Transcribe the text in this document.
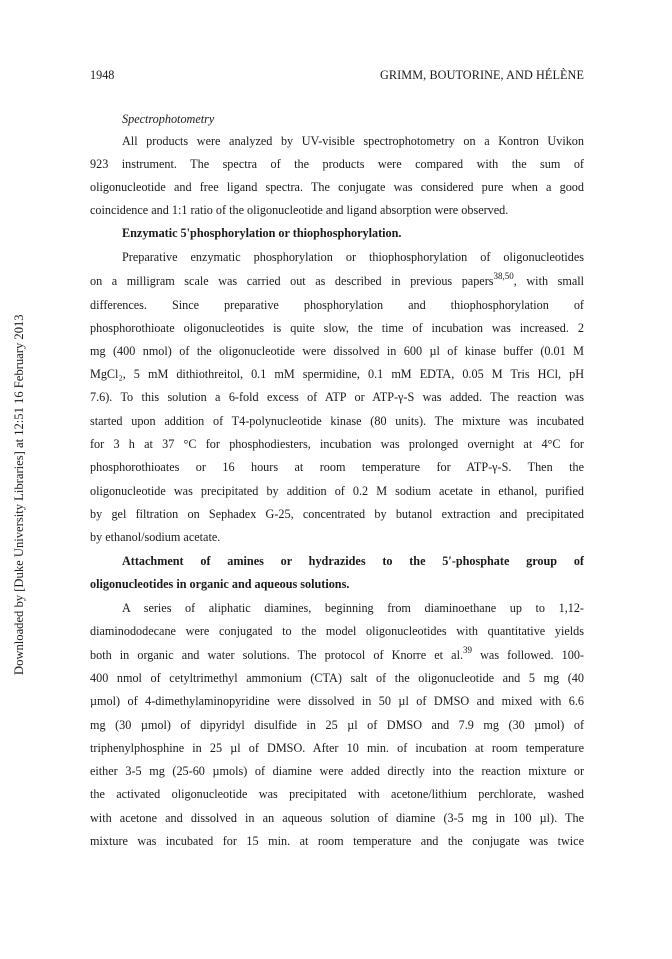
1948	GRIMM, BOUTORINE, AND HÉLÈNE
Downloaded by [Duke University Libraries] at 12:51 16 February 2013
Spectrophotometry
All products were analyzed by UV-visible spectrophotometry on a Kontron Uvikon
923 instrument. The spectra of the products were compared with the sum of
oligonucleotide and free ligand spectra. The conjugate was considered pure when a good
coincidence and 1:1 ratio of the oligonucleotide and ligand absorption were observed.
Enzymatic 5'phosphorylation or thiophosphorylation.
Preparative enzymatic phosphorylation or thiophosphorylation of oligonucleotides
on a milligram scale was carried out as described in previous papers$^{38,50}$, with small
differences. Since preparative phosphorylation and thiophosphorylation of
phosphorothioate oligonucleotides is quite slow, the time of incubation was increased. 2
mg (400 nmol) of the oligonucleotide were dissolved in 600 µl of kinase buffer (0.01 M
MgCl₂, 5 mM dithiothreitol, 0.1 mM spermidine, 0.1 mM EDTA, 0.05 M Tris HCl, pH
7.6). To this solution a 6-fold excess of ATP or ATP-γ-S was added. The reaction was
started upon addition of T4-polynucleotide kinase (80 units). The mixture was incubated
for 3 h at 37 °C for phosphodiesters, incubation was prolonged overnight at 4°C for
phosphorothioates or 16 hours at room temperature for ATP-γ-S. Then the
oligonucleotide was precipitated by addition of 0.2 M sodium acetate in ethanol, purified
by gel filtration on Sephadex G-25, concentrated by butanol extraction and precipitated
by ethanol/sodium acetate.
Attachment of amines or hydrazides to the 5′-phosphate group of
oligonucleotides in organic and aqueous solutions.
A series of aliphatic diamines, beginning from diaminoethane up to 1,12-
diaminododecane were conjugated to the model oligonucleotides with quantitative yields
both in organic and water solutions. The protocol of Knorre et al.$^{39}$ was followed. 100-
400 nmol of cetyltrimethyl ammonium (CTA) salt of the oligonucleotide and 5 mg (40
µmol) of 4-dimethylaminopyridine were dissolved in 50 µl of DMSO and mixed with 6.6
mg (30 µmol) of dipyridyl disulfide in 25 µl of DMSO and 7.9 mg (30 µmol) of
triphenylphosphine in 25 µl of DMSO. After 10 min. of incubation at room temperature
either 3-5 mg (25-60 µmols) of diamine were added directly into the reaction mixture or
the activated oligonucleotide was precipitated with acetone/lithium perchlorate, washed
with acetone and dissolved in an aqueous solution of diamine (3-5 mg in 100 µl). The
mixture was incubated for 15 min. at room temperature and the conjugate was twice
